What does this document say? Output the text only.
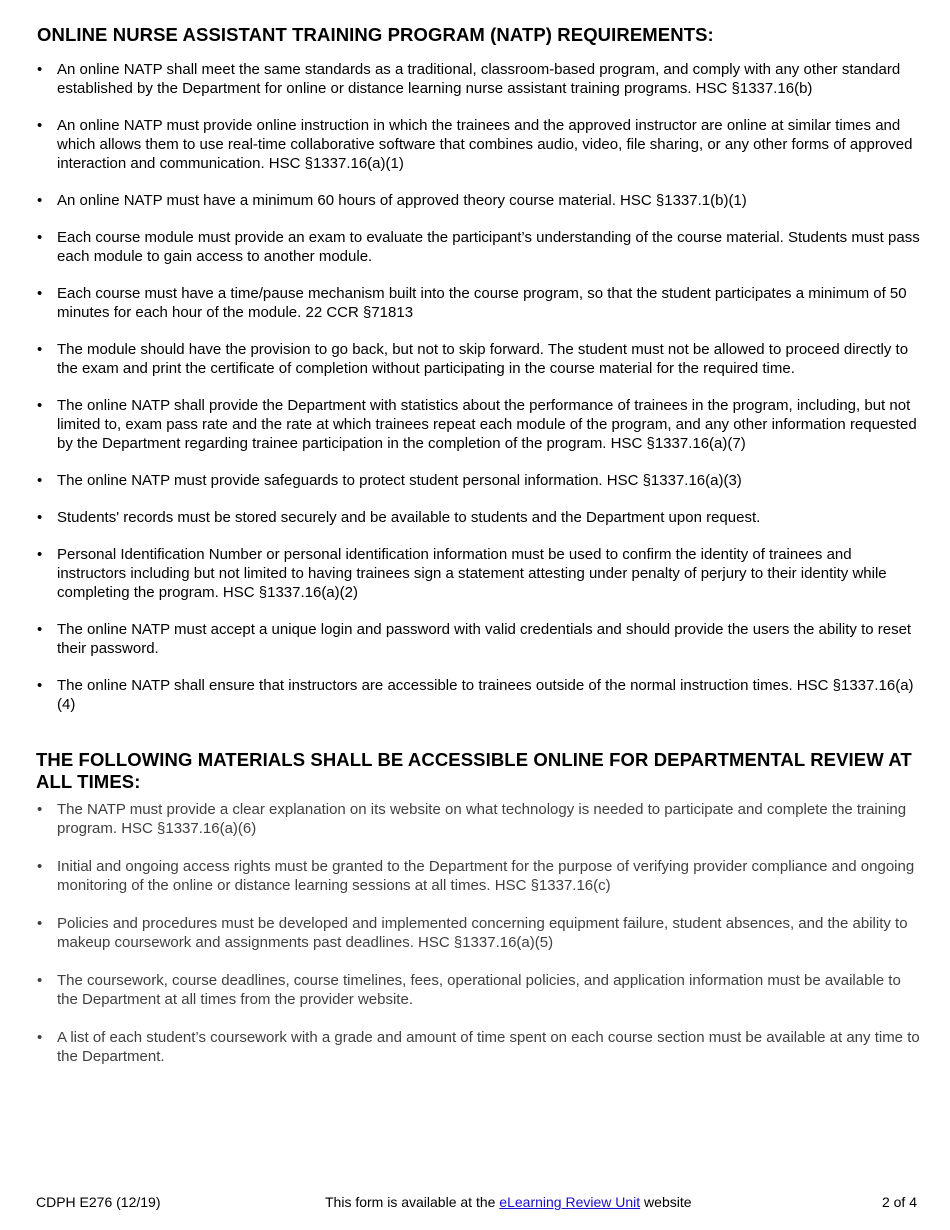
ONLINE NURSE ASSISTANT TRAINING PROGRAM (NATP) REQUIREMENTS:
• An online NATP shall meet the same standards as a traditional, classroom-based program, and comply with any other standard established by the Department for online or distance learning nurse assistant training programs. HSC §1337.16(b)
• An online NATP must provide online instruction in which the trainees and the approved instructor are online at similar times and which allows them to use real-time collaborative software that combines audio, video, file sharing, or any other forms of approved interaction and communication. HSC §1337.16(a)(1)
• An online NATP must have a minimum 60 hours of approved theory course material. HSC §1337.1(b)(1)
• Each course module must provide an exam to evaluate the participant’s understanding of the course material. Students must pass each module to gain access to another module.
• Each course must have a time/pause mechanism built into the course program, so that the student participates a minimum of 50 minutes for each hour of the module. 22 CCR §71813
• The module should have the provision to go back, but not to skip forward. The student must not be allowed to proceed directly to the exam and print the certificate of completion without participating in the course material for the required time.
• The online NATP shall provide the Department with statistics about the performance of trainees in the program, including, but not limited to, exam pass rate and the rate at which trainees repeat each module of the program, and any other information requested by the Department regarding trainee participation in the completion of the program. HSC §1337.16(a)(7)
• The online NATP must provide safeguards to protect student personal information. HSC §1337.16(a)(3)
• Students' records must be stored securely and be available to students and the Department upon request.
• Personal Identification Number or personal identification information must be used to confirm the identity of trainees and instructors including but not limited to having trainees sign a statement attesting under penalty of perjury to their identity while completing the program. HSC §1337.16(a)(2)
• The online NATP must accept a unique login and password with valid credentials and should provide the users the ability to reset their password.
• The online NATP shall ensure that instructors are accessible to trainees outside of the normal instruction times. HSC §1337.16(a)(4)
THE FOLLOWING MATERIALS SHALL BE ACCESSIBLE ONLINE FOR DEPARTMENTAL REVIEW AT ALL TIMES:
• The NATP must provide a clear explanation on its website on what technology is needed to participate and complete the training program. HSC §1337.16(a)(6)
• Initial and ongoing access rights must be granted to the Department for the purpose of verifying provider compliance and ongoing monitoring of the online or distance learning sessions at all times. HSC §1337.16(c)
• Policies and procedures must be developed and implemented concerning equipment failure, student absences, and the ability to makeup coursework and assignments past deadlines. HSC §1337.16(a)(5)
• The coursework, course deadlines, course timelines, fees, operational policies, and application information must be available to the Department at all times from the provider website.
• A list of each student’s coursework with a grade and amount of time spent on each course section must be available at any time to the Department.
CDPH E276 (12/19)	This form is available at the eLearning Review Unit website	2 of 4
